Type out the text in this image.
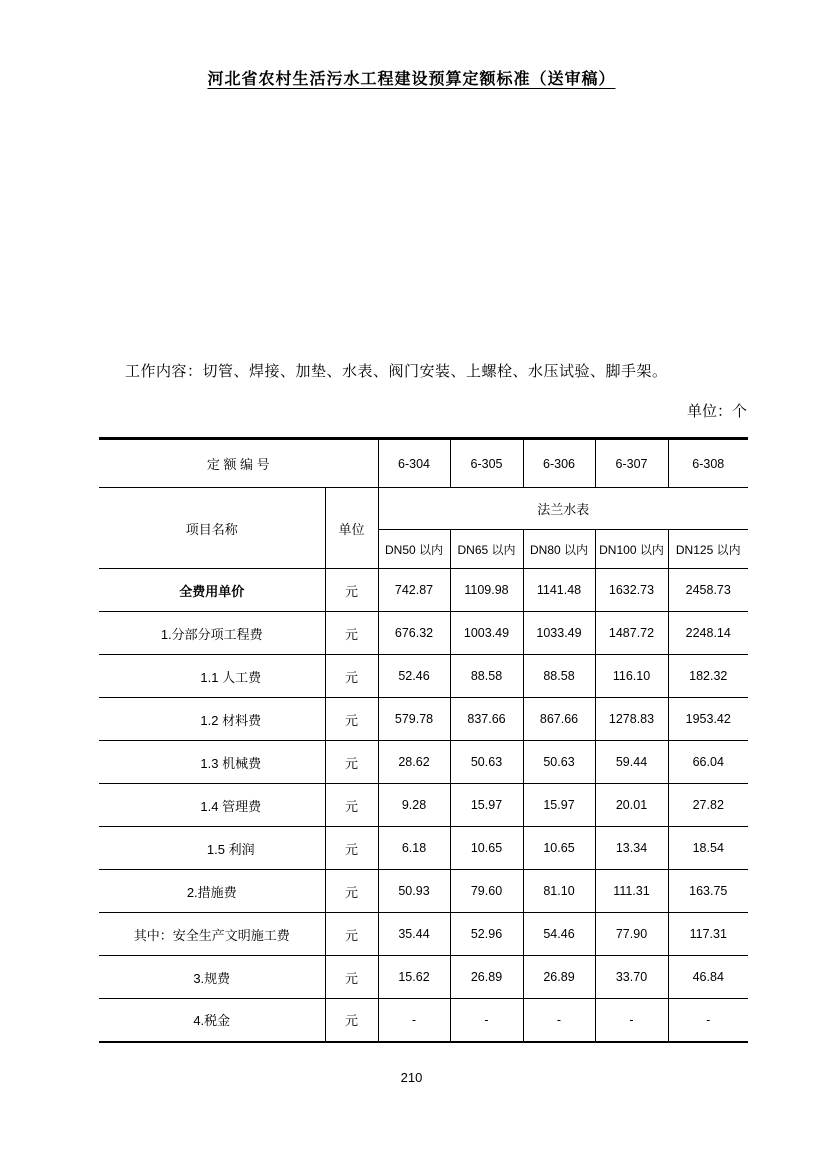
河北省农村生活污水工程建设预算定额标准（送审稿）
工作内容：切管、焊接、加垫、水表、阀门安装、上螺栓、水压试验、脚手架。
单位：个
定 额 编 号		6-304	6-305	6-306	6-307	6-308
项目名称	单位	法兰水表				
		DN50 以内	DN65 以内	DN80 以内	DN100 以内	DN125 以内
全费用单价	元	742.87	1109.98	1141.48	1632.73	2458.73
1.分部分项工程费	元	676.32	1003.49	1033.49	1487.72	2248.14
1.1 人工费	元	52.46	88.58	88.58	116.10	182.32
1.2 材料费	元	579.78	837.66	867.66	1278.83	1953.42
1.3 机械费	元	28.62	50.63	50.63	59.44	66.04
1.4 管理费	元	9.28	15.97	15.97	20.01	27.82
1.5 利润	元	6.18	10.65	10.65	13.34	18.54
2.措施费	元	50.93	79.60	81.10	111.31	163.75
其中：安全生产文明施工费	元	35.44	52.96	54.46	77.90	117.31
3.规费	元	15.62	26.89	26.89	33.70	46.84
4.税金	元	-	-	-	-	-
210
